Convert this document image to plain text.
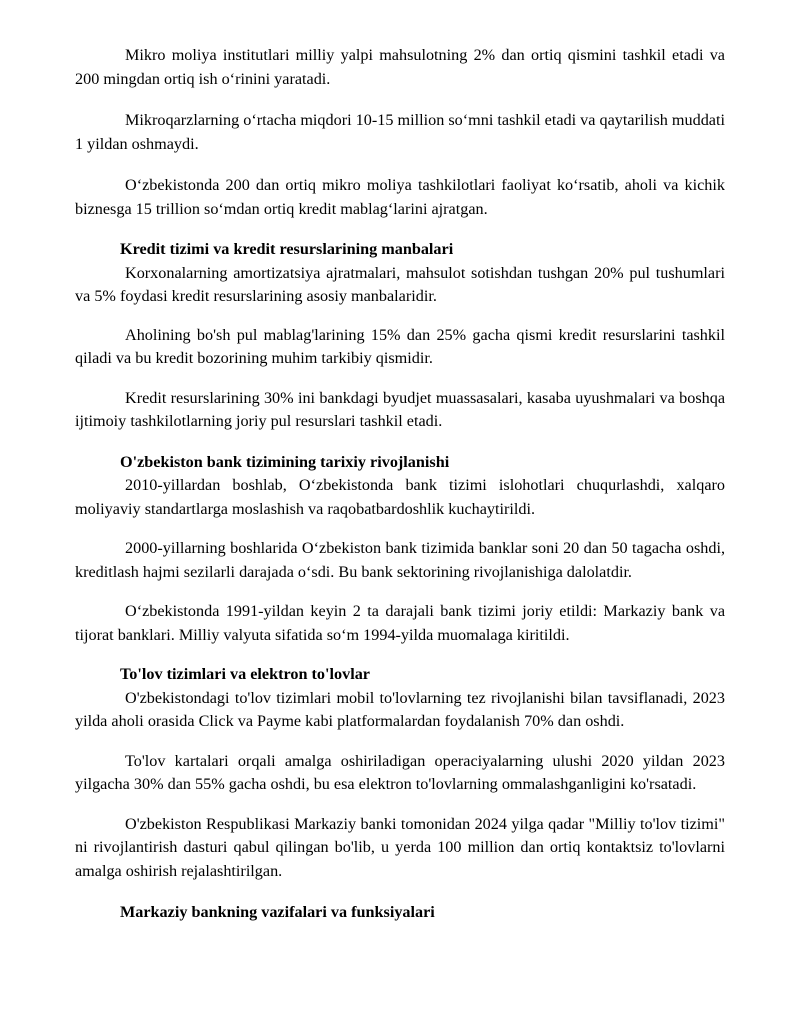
Mikro moliya institutlari milliy yalpi mahsulotning 2% dan ortiq qismini tashkil etadi va 200 mingdan ortiq ish oʻrinini yaratadi.

Mikroqarzlarning oʻrtacha miqdori 10-15 million soʻmni tashkil etadi va qaytarilish muddati 1 yildan oshmaydi.

Oʻzbekistonda 200 dan ortiq mikro moliya tashkilotlari faoliyat koʻrsatib, aholi va kichik biznesga 15 trillion soʻmdan ortiq kredit mablagʻlarini ajratgan.

Kredit tizimi va kredit resurslarining manbalari

Korxonalarning amortizatsiya ajratmalari, mahsulot sotishdan tushgan 20% pul tushumlari va 5% foydasi kredit resurslarining asosiy manbalaridir.

Aholining bo'sh pul mablag'larining 15% dan 25% gacha qismi kredit resurslarini tashkil qiladi va bu kredit bozorining muhim tarkibiy qismidir.

Kredit resurslarining 30% ini bankdagi byudjet muassasalari, kasaba uyushmalari va boshqa ijtimoiy tashkilotlarning joriy pul resurslari tashkil etadi.

O'zbekiston bank tizimining tarixiy rivojlanishi

2010-yillardan boshlab, Oʻzbekistonda bank tizimi islohotlari chuqurlashdi, xalqaro moliyaviy standartlarga moslashish va raqobatbardoshlik kuchaytirildi.

2000-yillarning boshlarida Oʻzbekiston bank tizimida banklar soni 20 dan 50 tagacha oshdi, kreditlash hajmi sezilarli darajada oʻsdi. Bu bank sektorining rivojlanishiga dalolatdir.

Oʻzbekistonda 1991-yildan keyin 2 ta darajali bank tizimi joriy etildi: Markaziy bank va tijorat banklari. Milliy valyuta sifatida soʻm 1994-yilda muomalaga kiritildi.

To'lov tizimlari va elektron to'lovlar

O'zbekistondagi to'lov tizimlari mobil to'lovlarning tez rivojlanishi bilan tavsiflanadi, 2023 yilda aholi orasida Click va Payme kabi platformalardan foydalanish 70% dan oshdi.

To'lov kartalari orqali amalga oshiriladigan operaciyalarning ulushi 2020 yildan 2023 yilgacha 30% dan 55% gacha oshdi, bu esa elektron to'lovlarning ommalashganligini ko'rsatadi.

O'zbekiston Respublikasi Markaziy banki tomonidan 2024 yilga qadar "Milliy to'lov tizimi" ni rivojlantirish dasturi qabul qilingan bo'lib, u yerda 100 million dan ortiq kontaktsiz to'lovlarni amalga oshirish rejalashtirilgan.

Markaziy bankning vazifalari va funksiyalari
